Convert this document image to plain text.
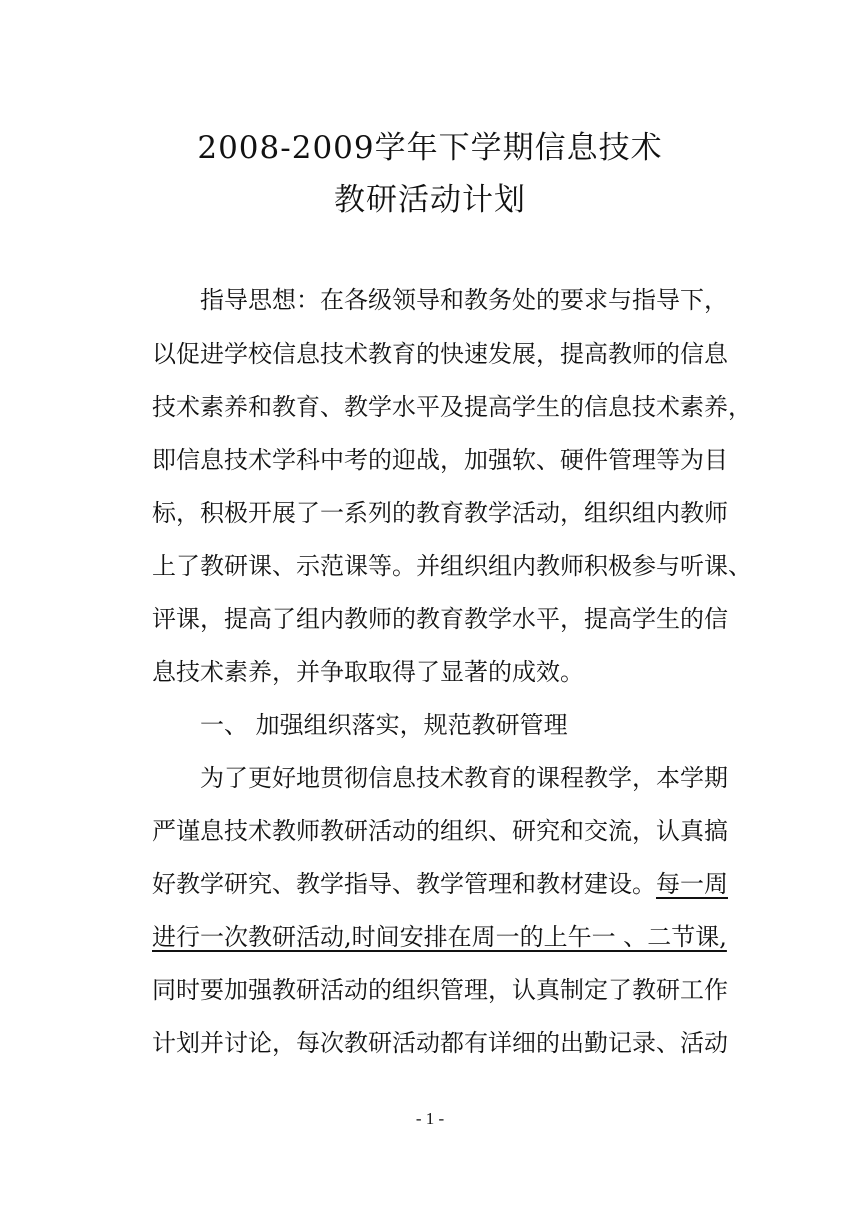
2008-2009学年下学期信息技术
教研活动计划
指导思想：在各级领导和教务处的要求与指导下，
以促进学校信息技术教育的快速发展，提高教师的信息
技术素养和教育、教学水平及提高学生的信息技术素养，
即信息技术学科中考的迎战，加强软、硬件管理等为目
标，积极开展了一系列的教育教学活动，组织组内教师
上了教研课、示范课等。并组织组内教师积极参与听课、
评课，提高了组内教师的教育教学水平，提高学生的信
息技术素养，并争取取得了显著的成效。
一、 加强组织落实，规范教研管理
为了更好地贯彻信息技术教育的课程教学，本学期
严谨息技术教师教研活动的组织、研究和交流，认真搞
好教学研究、教学指导、教学管理和教材建设。每一周
进行一次教研活动,时间安排在周一的上午一 、二节课,
同时要加强教研活动的组织管理，认真制定了教研工作
计划并讨论，每次教研活动都有详细的出勤记录、活动
- 1 -
